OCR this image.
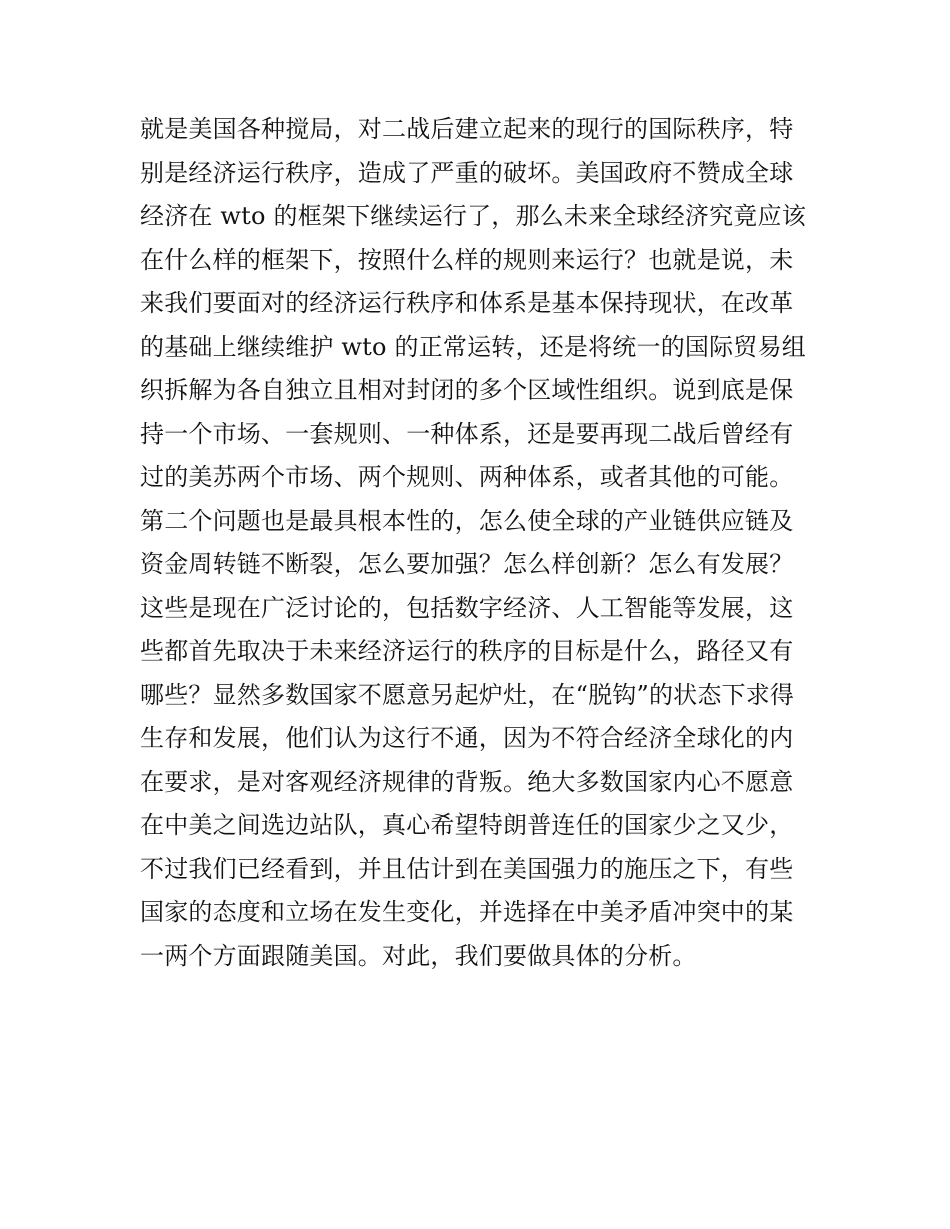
就是美国各种搅局，对二战后建立起来的现行的国际秩序，特
别是经济运行秩序，造成了严重的破坏。美国政府不赞成全球
经济在 wto 的框架下继续运行了，那么未来全球经济究竟应该
在什么样的框架下，按照什么样的规则来运行？也就是说，未
来我们要面对的经济运行秩序和体系是基本保持现状，在改革
的基础上继续维护 wto 的正常运转，还是将统一的国际贸易组
织拆解为各自独立且相对封闭的多个区域性组织。说到底是保
持一个市场、一套规则、一种体系，还是要再现二战后曾经有
过的美苏两个市场、两个规则、两种体系，或者其他的可能。
第二个问题也是最具根本性的，怎么使全球的产业链供应链及
资金周转链不断裂，怎么要加强？怎么样创新？怎么有发展？
这些是现在广泛讨论的，包括数字经济、人工智能等发展，这
些都首先取决于未来经济运行的秩序的目标是什么，路径又有
哪些？显然多数国家不愿意另起炉灶，在“脱钩”的状态下求得
生存和发展，他们认为这行不通，因为不符合经济全球化的内
在要求，是对客观经济规律的背叛。绝大多数国家内心不愿意
在中美之间选边站队，真心希望特朗普连任的国家少之又少，
不过我们已经看到，并且估计到在美国强力的施压之下，有些
国家的态度和立场在发生变化，并选择在中美矛盾冲突中的某
一两个方面跟随美国。对此，我们要做具体的分析。
